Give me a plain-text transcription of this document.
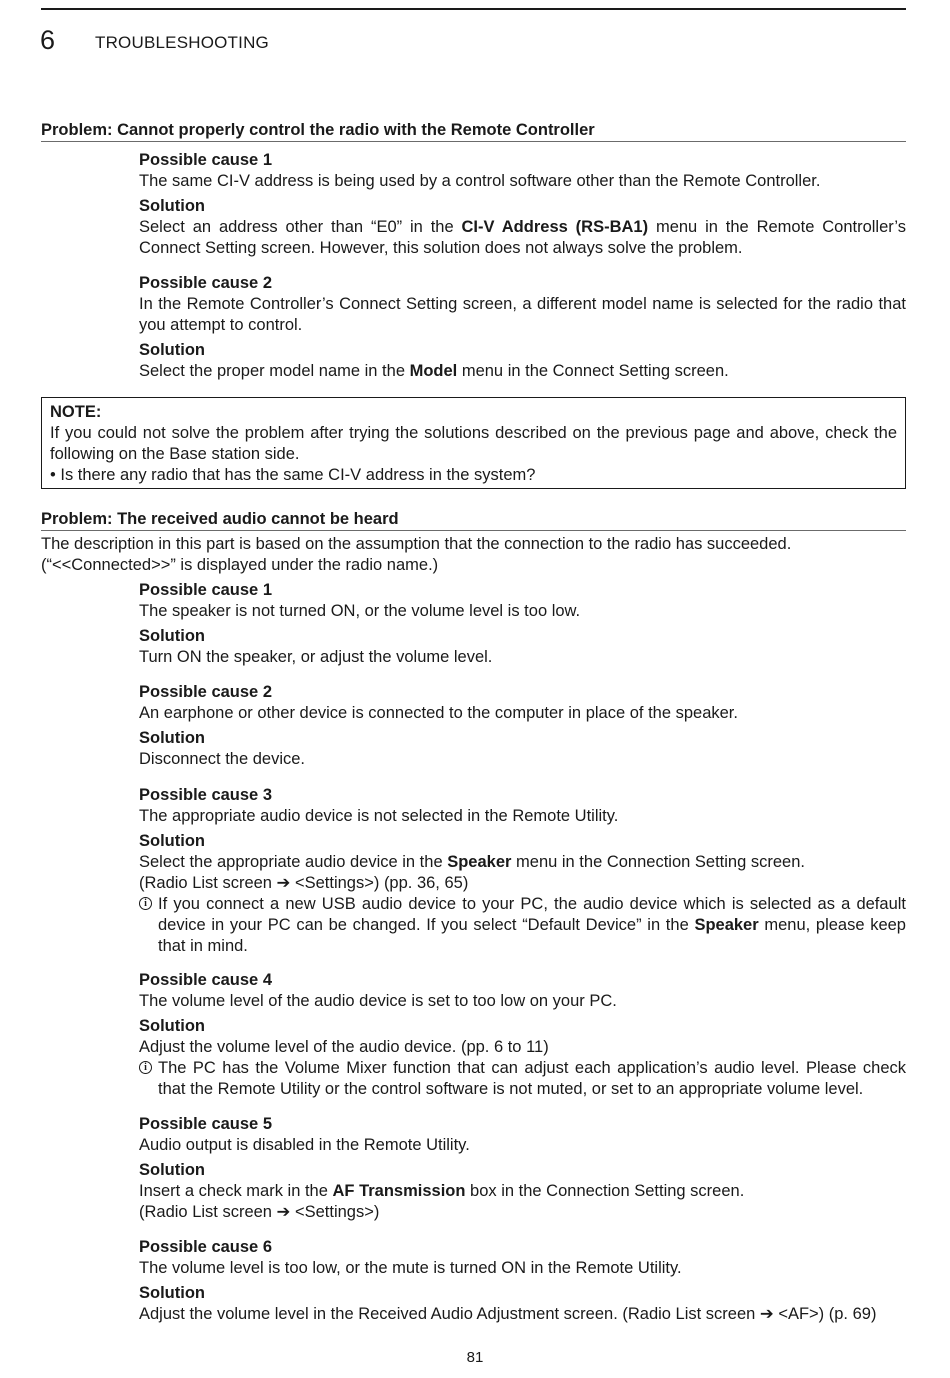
6 TROUBLESHOOTING
Problem: Cannot properly control the radio with the Remote Controller
Possible cause 1

The same CI-V address is being used by a control software other than the Remote Controller.

Solution

Select an address other than “E0” in the CI-V Address (RS-BA1) menu in the Remote Controller’s Connect Setting screen. However, this solution does not always solve the problem.

Possible cause 2

In the Remote Controller’s Connect Setting screen, a different model name is selected for the radio that you attempt to control.

Solution

Select the proper model name in the Model menu in the Connect Setting screen.

NOTE:

If you could not solve the problem after trying the solutions described on the previous page and above, check the following on the Base station side.

• Is there any radio that has the same CI-V address in the system?

Problem: The received audio cannot be heard

The description in this part is based on the assumption that the connection to the radio has succeeded. (“<<Connected>>” is displayed under the radio name.)

Possible cause 1

The speaker is not turned ON, or the volume level is too low.

Solution

Turn ON the speaker, or adjust the volume level.

Possible cause 2

An earphone or other device is connected to the computer in place of the speaker.

Solution

Disconnect the device.

Possible cause 3

The appropriate audio device is not selected in the Remote Utility.

Solution

Select the appropriate audio device in the Speaker menu in the Connection Setting screen.

(Radio List screen ➔ <Settings>) (pp. 36, 65)

i If you connect a new USB audio device to your PC, the audio device which is selected as a default device in your PC can be changed. If you select “Default Device” in the Speaker menu, please keep that in mind.
Possible cause 4

The volume level of the audio device is set to too low on your PC.

Solution

Adjust the volume level of the audio device. (pp. 6 to 11)

i The PC has the Volume Mixer function that can adjust each application’s audio level. Please check that the Remote Utility or the control software is not muted, or set to an appropriate volume level.
Possible cause 5

Audio output is disabled in the Remote Utility.

Solution

Insert a check mark in the AF Transmission box in the Connection Setting screen.

(Radio List screen ➔ <Settings>)

Possible cause 6

The volume level is too low, or the mute is turned ON in the Remote Utility.

Solution

Adjust the volume level in the Received Audio Adjustment screen. (Radio List screen ➔ <AF>) (p. 69)

81
